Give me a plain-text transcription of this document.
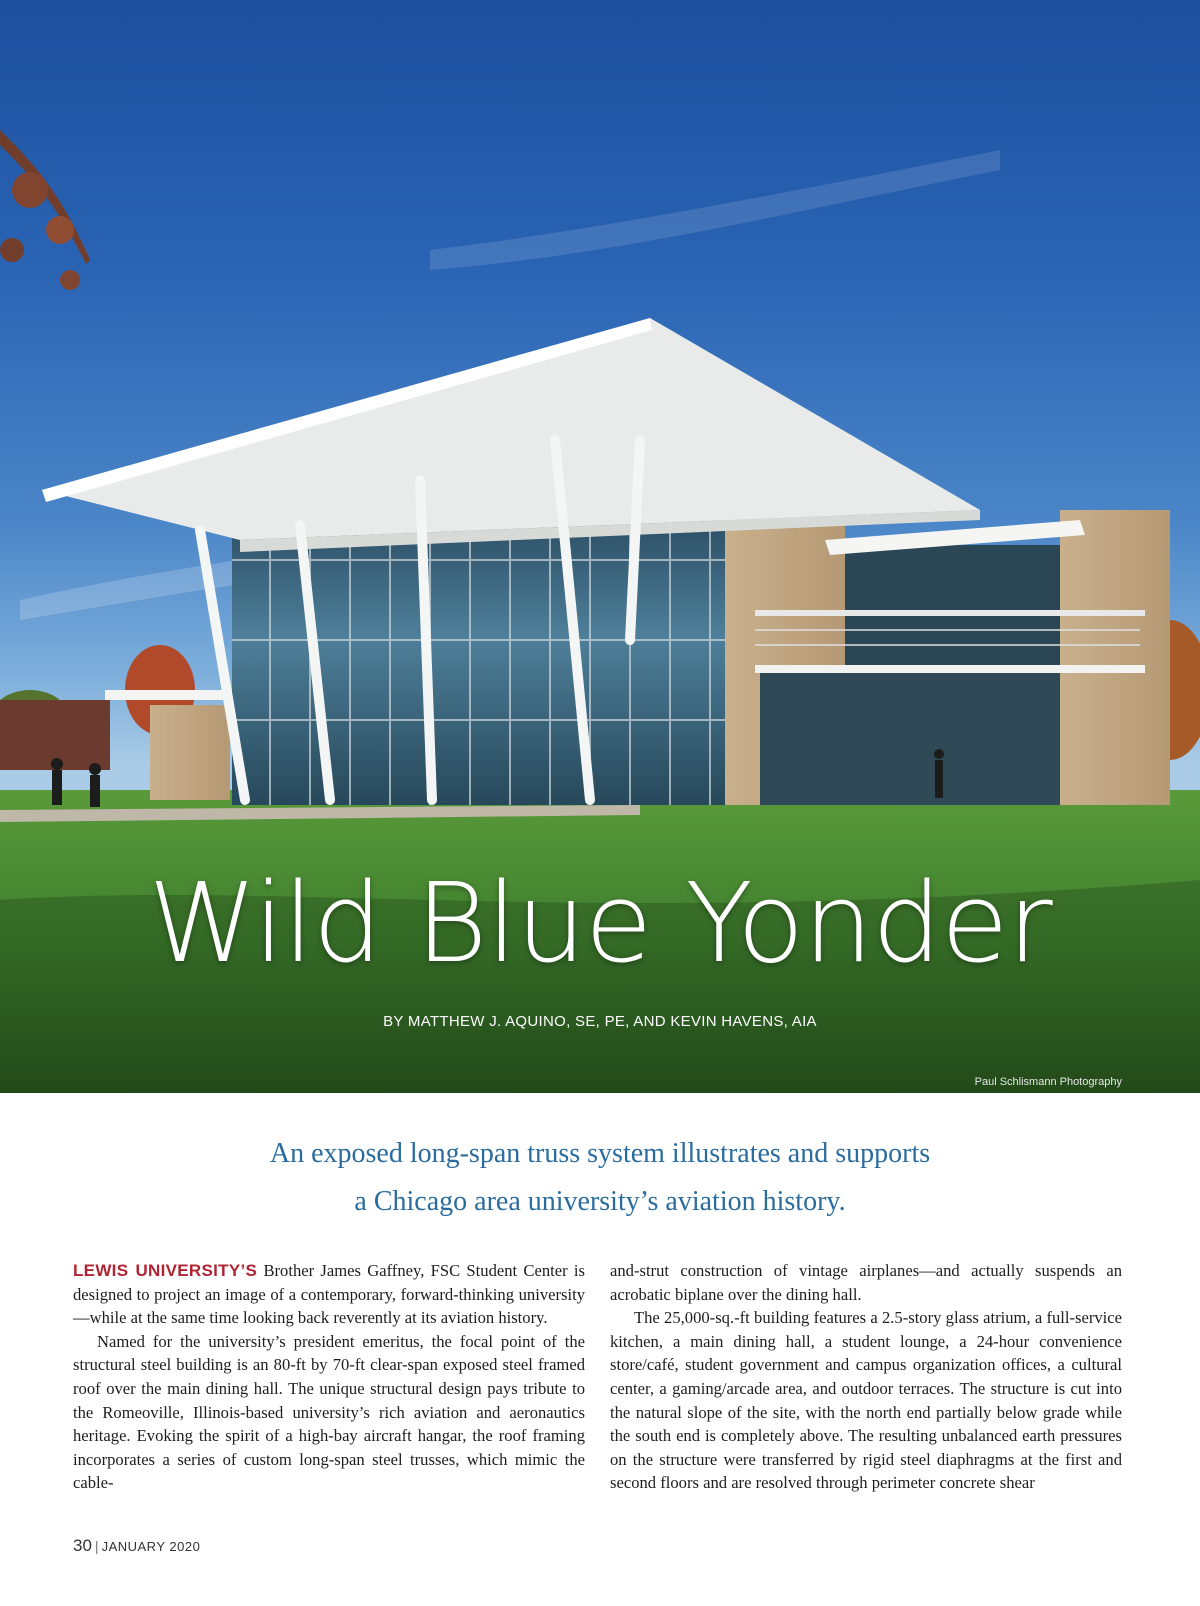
Wild Blue Yonder
BY MATTHEW J. AQUINO, SE, PE, AND KEVIN HAVENS, AIA
Paul Schlismann Photography
An exposed long-span truss system illustrates and supports
a Chicago area university’s aviation history.

LEWIS UNIVERSITY’S Brother James Gaffney, FSC Student Center is designed to project an image of a contemporary, forward-thinking university—while at the same time looking back reverently at its aviation history.

Named for the university’s president emeritus, the focal point of the structural steel building is an 80-ft by 70-ft clear-span exposed steel framed roof over the main dining hall. The unique structural design pays tribute to the Romeoville, Illinois-based university’s rich aviation and aeronautics heritage. Evoking the spirit of a high-bay aircraft hangar, the roof framing incorporates a series of custom long-span steel trusses, which mimic the cable-

and-strut construction of vintage airplanes—and actually suspends an acrobatic biplane over the dining hall.

The 25,000-sq.-ft building features a 2.5-story glass atrium, a full-service kitchen, a main dining hall, a student lounge, a 24-hour convenience store/café, student government and campus organization offices, a cultural center, a gaming/arcade area, and outdoor terraces. The structure is cut into the natural slope of the site, with the north end partially below grade while the south end is completely above. The resulting unbalanced earth pressures on the structure were transferred by rigid steel diaphragms at the first and second floors and are resolved through perimeter concrete shear

30 | JANUARY 2020
